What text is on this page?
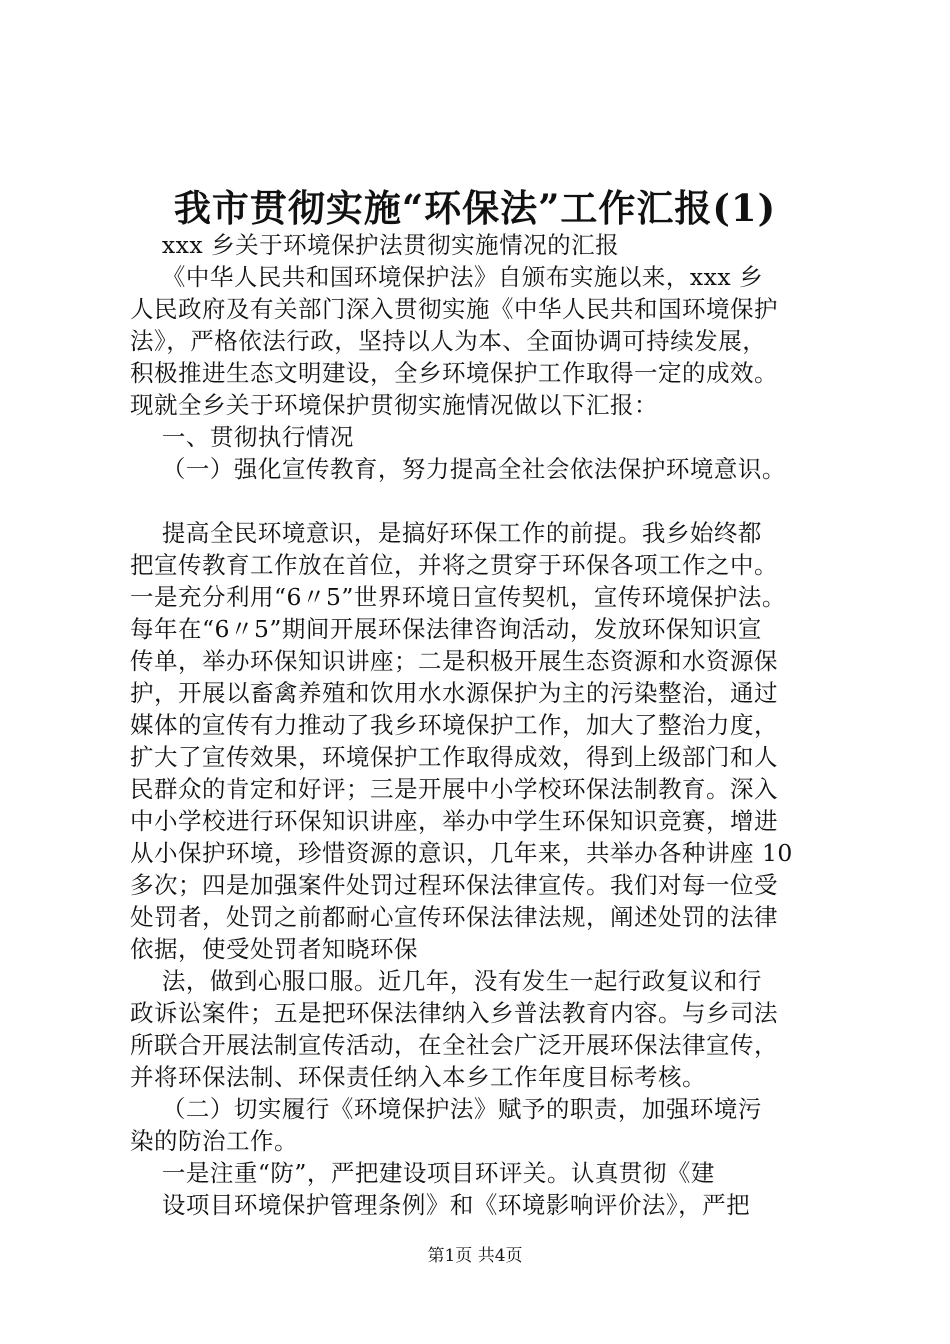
我市贯彻实施“环保法”工作汇报(1)
xxx 乡关于环境保护法贯彻实施情况的汇报
《中华人民共和国环境保护法》自颁布实施以来，xxx 乡
人民政府及有关部门深入贯彻实施《中华人民共和国环境保护
法》，严格依法行政，坚持以人为本、全面协调可持续发展，
积极推进生态文明建设，全乡环境保护工作取得一定的成效。
现就全乡关于环境保护贯彻实施情况做以下汇报：
一、贯彻执行情况
（一）强化宣传教育，努力提高全社会依法保护环境意识。
提高全民环境意识，是搞好环保工作的前提。我乡始终都
把宣传教育工作放在首位，并将之贯穿于环保各项工作之中。
一是充分利用“6〃5”世界环境日宣传契机，宣传环境保护法。
每年在“6〃5”期间开展环保法律咨询活动，发放环保知识宣
传单，举办环保知识讲座；二是积极开展生态资源和水资源保
护，开展以畜禽养殖和饮用水水源保护为主的污染整治，通过
媒体的宣传有力推动了我乡环境保护工作，加大了整治力度，
扩大了宣传效果，环境保护工作取得成效，得到上级部门和人
民群众的肯定和好评；三是开展中小学校环保法制教育。深入
中小学校进行环保知识讲座，举办中学生环保知识竞赛，增进
从小保护环境，珍惜资源的意识，几年来，共举办各种讲座 10
多次；四是加强案件处罚过程环保法律宣传。我们对每一位受
处罚者，处罚之前都耐心宣传环保法律法规，阐述处罚的法律
依据，使受处罚者知晓环保
法，做到心服口服。近几年，没有发生一起行政复议和行
政诉讼案件；五是把环保法律纳入乡普法教育内容。与乡司法
所联合开展法制宣传活动，在全社会广泛开展环保法律宣传，
并将环保法制、环保责任纳入本乡工作年度目标考核。
（二）切实履行《环境保护法》赋予的职责，加强环境污
染的防治工作。
一是注重“防”，严把建设项目环评关。认真贯彻《建
设项目环境保护管理条例》和《环境影响评价法》，严把
第1页 共4页
